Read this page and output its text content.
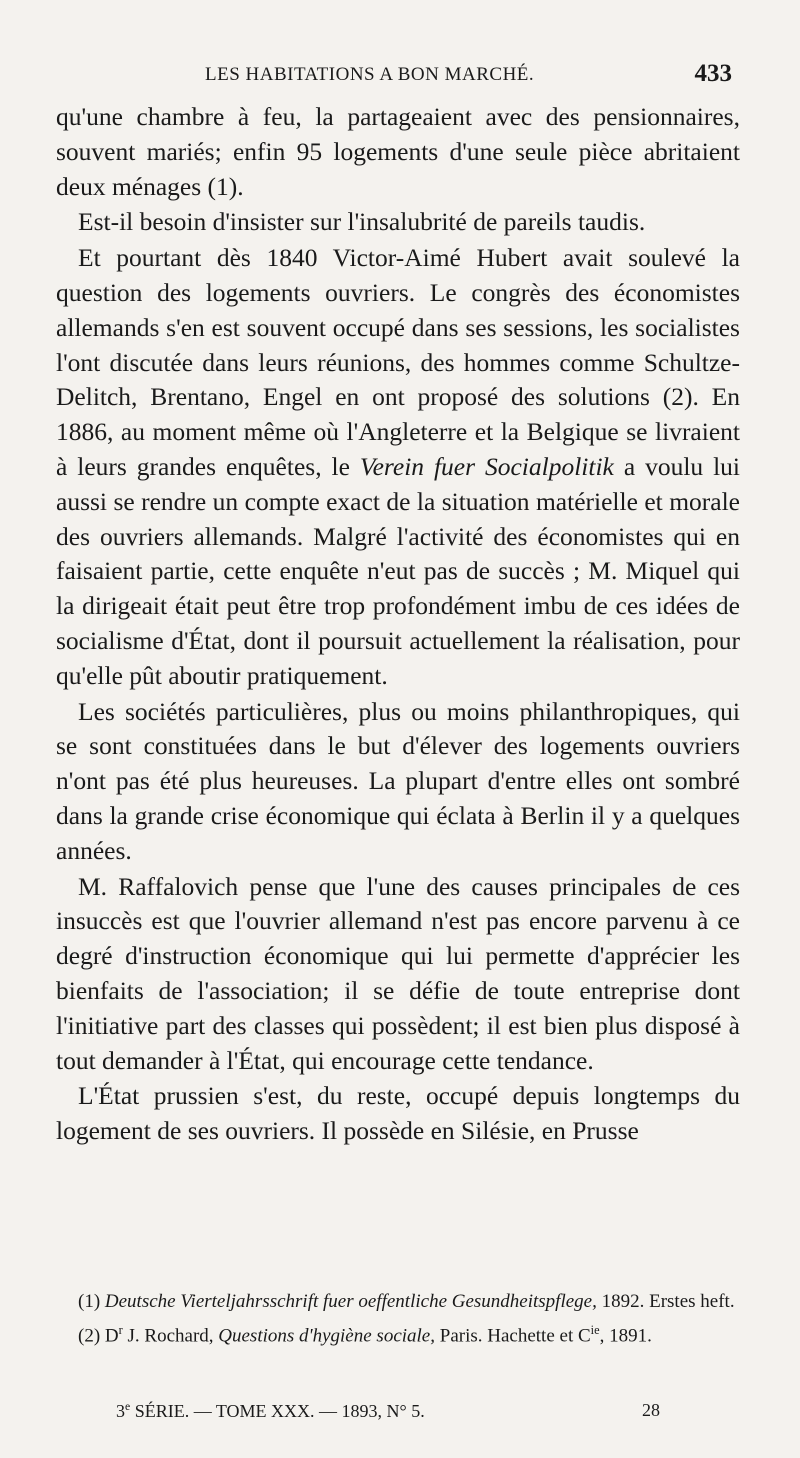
LES HABITATIONS A BON MARCHÉ.	433

qu'une chambre à feu, la partageaient avec des pensionnaires, souvent mariés; enfin 95 logements d'une seule pièce abritaient deux ménages (1).

Est-il besoin d'insister sur l'insalubrité de pareils taudis.

Et pourtant dès 1840 Victor-Aimé Hubert avait soulevé la question des logements ouvriers. Le congrès des économistes allemands s'en est souvent occupé dans ses sessions, les socialistes l'ont discutée dans leurs réunions, des hommes comme Schultze-Delitch, Brentano, Engel en ont proposé des solutions (2). En 1886, au moment même où l'Angleterre et la Belgique se livraient à leurs grandes enquêtes, le Verein fuer Socialpolitik a voulu lui aussi se rendre un compte exact de la situation matérielle et morale des ouvriers allemands. Malgré l'activité des économistes qui en faisaient partie, cette enquête n'eut pas de succès ; M. Miquel qui la dirigeait était peut être trop profondément imbu de ces idées de socialisme d'État, dont il poursuit actuellement la réalisation, pour qu'elle pût aboutir pratiquement.

Les sociétés particulières, plus ou moins philanthropiques, qui se sont constituées dans le but d'élever des logements ouvriers n'ont pas été plus heureuses. La plupart d'entre elles ont sombré dans la grande crise économique qui éclata à Berlin il y a quelques années.

M. Raffalovich pense que l'une des causes principales de ces insuccès est que l'ouvrier allemand n'est pas encore parvenu à ce degré d'instruction économique qui lui permette d'apprécier les bienfaits de l'association; il se défie de toute entreprise dont l'initiative part des classes qui possèdent; il est bien plus disposé à tout demander à l'État, qui encourage cette tendance.

L'État prussien s'est, du reste, occupé depuis longtemps du logement de ses ouvriers. Il possède en Silésie, en Prusse

(1) Deutsche Vierteljahrsschrift fuer oeffentliche Gesundheitspflege, 1892. Erstes heft.

(2) $D^r$ J. Rochard, Questions d'hygiène sociale, Paris. Hachette et $C^{ie}$, 1891.

3e SÉRIE. — TOME XXX. — 1893, N° 5.	28
